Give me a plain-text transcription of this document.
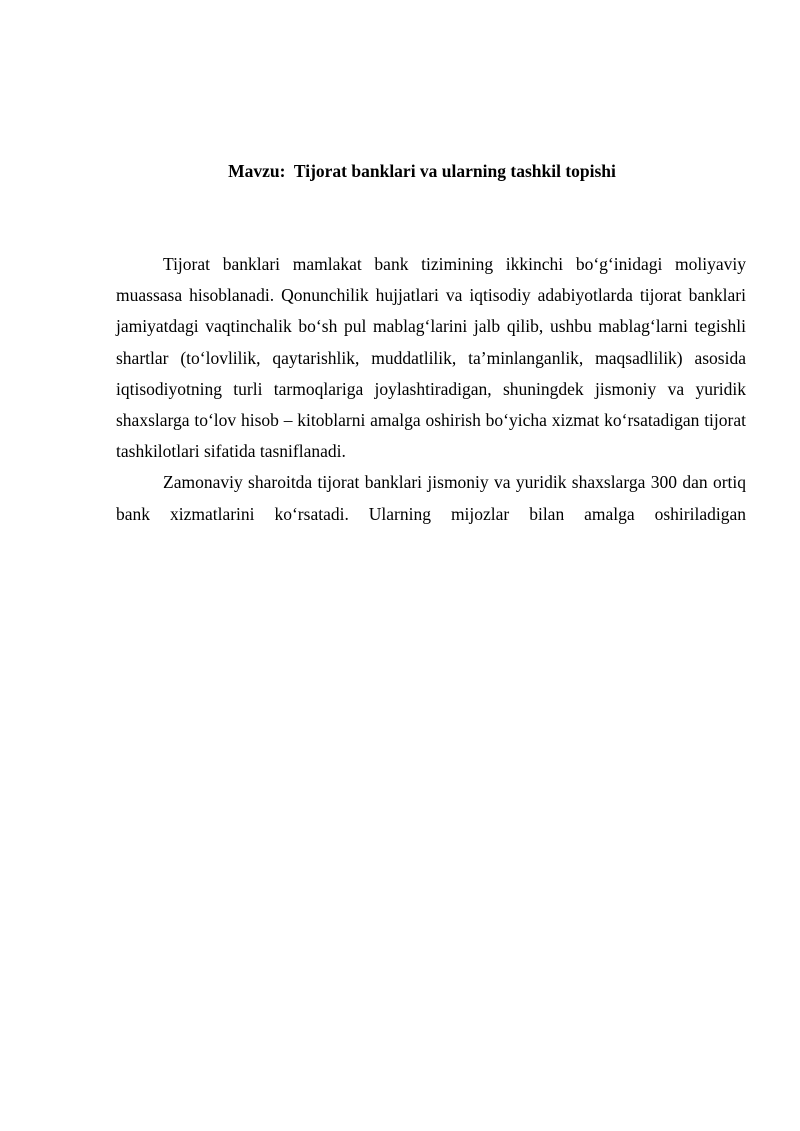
Mavzu:  Tijorat banklari va ularning tashkil topishi

Tijorat banklari mamlakat bank tizimining ikkinchi bo‘g‘inidagi moliyaviy muassasa hisoblanadi. Qonunchilik hujjatlari va iqtisodiy adabiyotlarda tijorat banklari jamiyatdagi vaqtinchalik bo‘sh pul mablag‘larini jalb qilib, ushbu mablag‘larni tegishli shartlar (to‘lovlilik, qaytarishlik, muddatlilik, ta’minlanganlik, maqsadlilik) asosida iqtisodiyotning turli tarmoqlariga joylashtiradigan, shuningdek jismoniy va yuridik shaxslarga to‘lov hisob – kitoblarni amalga oshirish bo‘yicha xizmat ko‘rsatadigan tijorat tashkilotlari sifatida tasniflanadi.

Zamonaviy sharoitda tijorat banklari jismoniy va yuridik shaxslarga 300 dan ortiq bank xizmatlarini ko‘rsatadi. Ularning mijozlar bilan amalga oshiriladigan
